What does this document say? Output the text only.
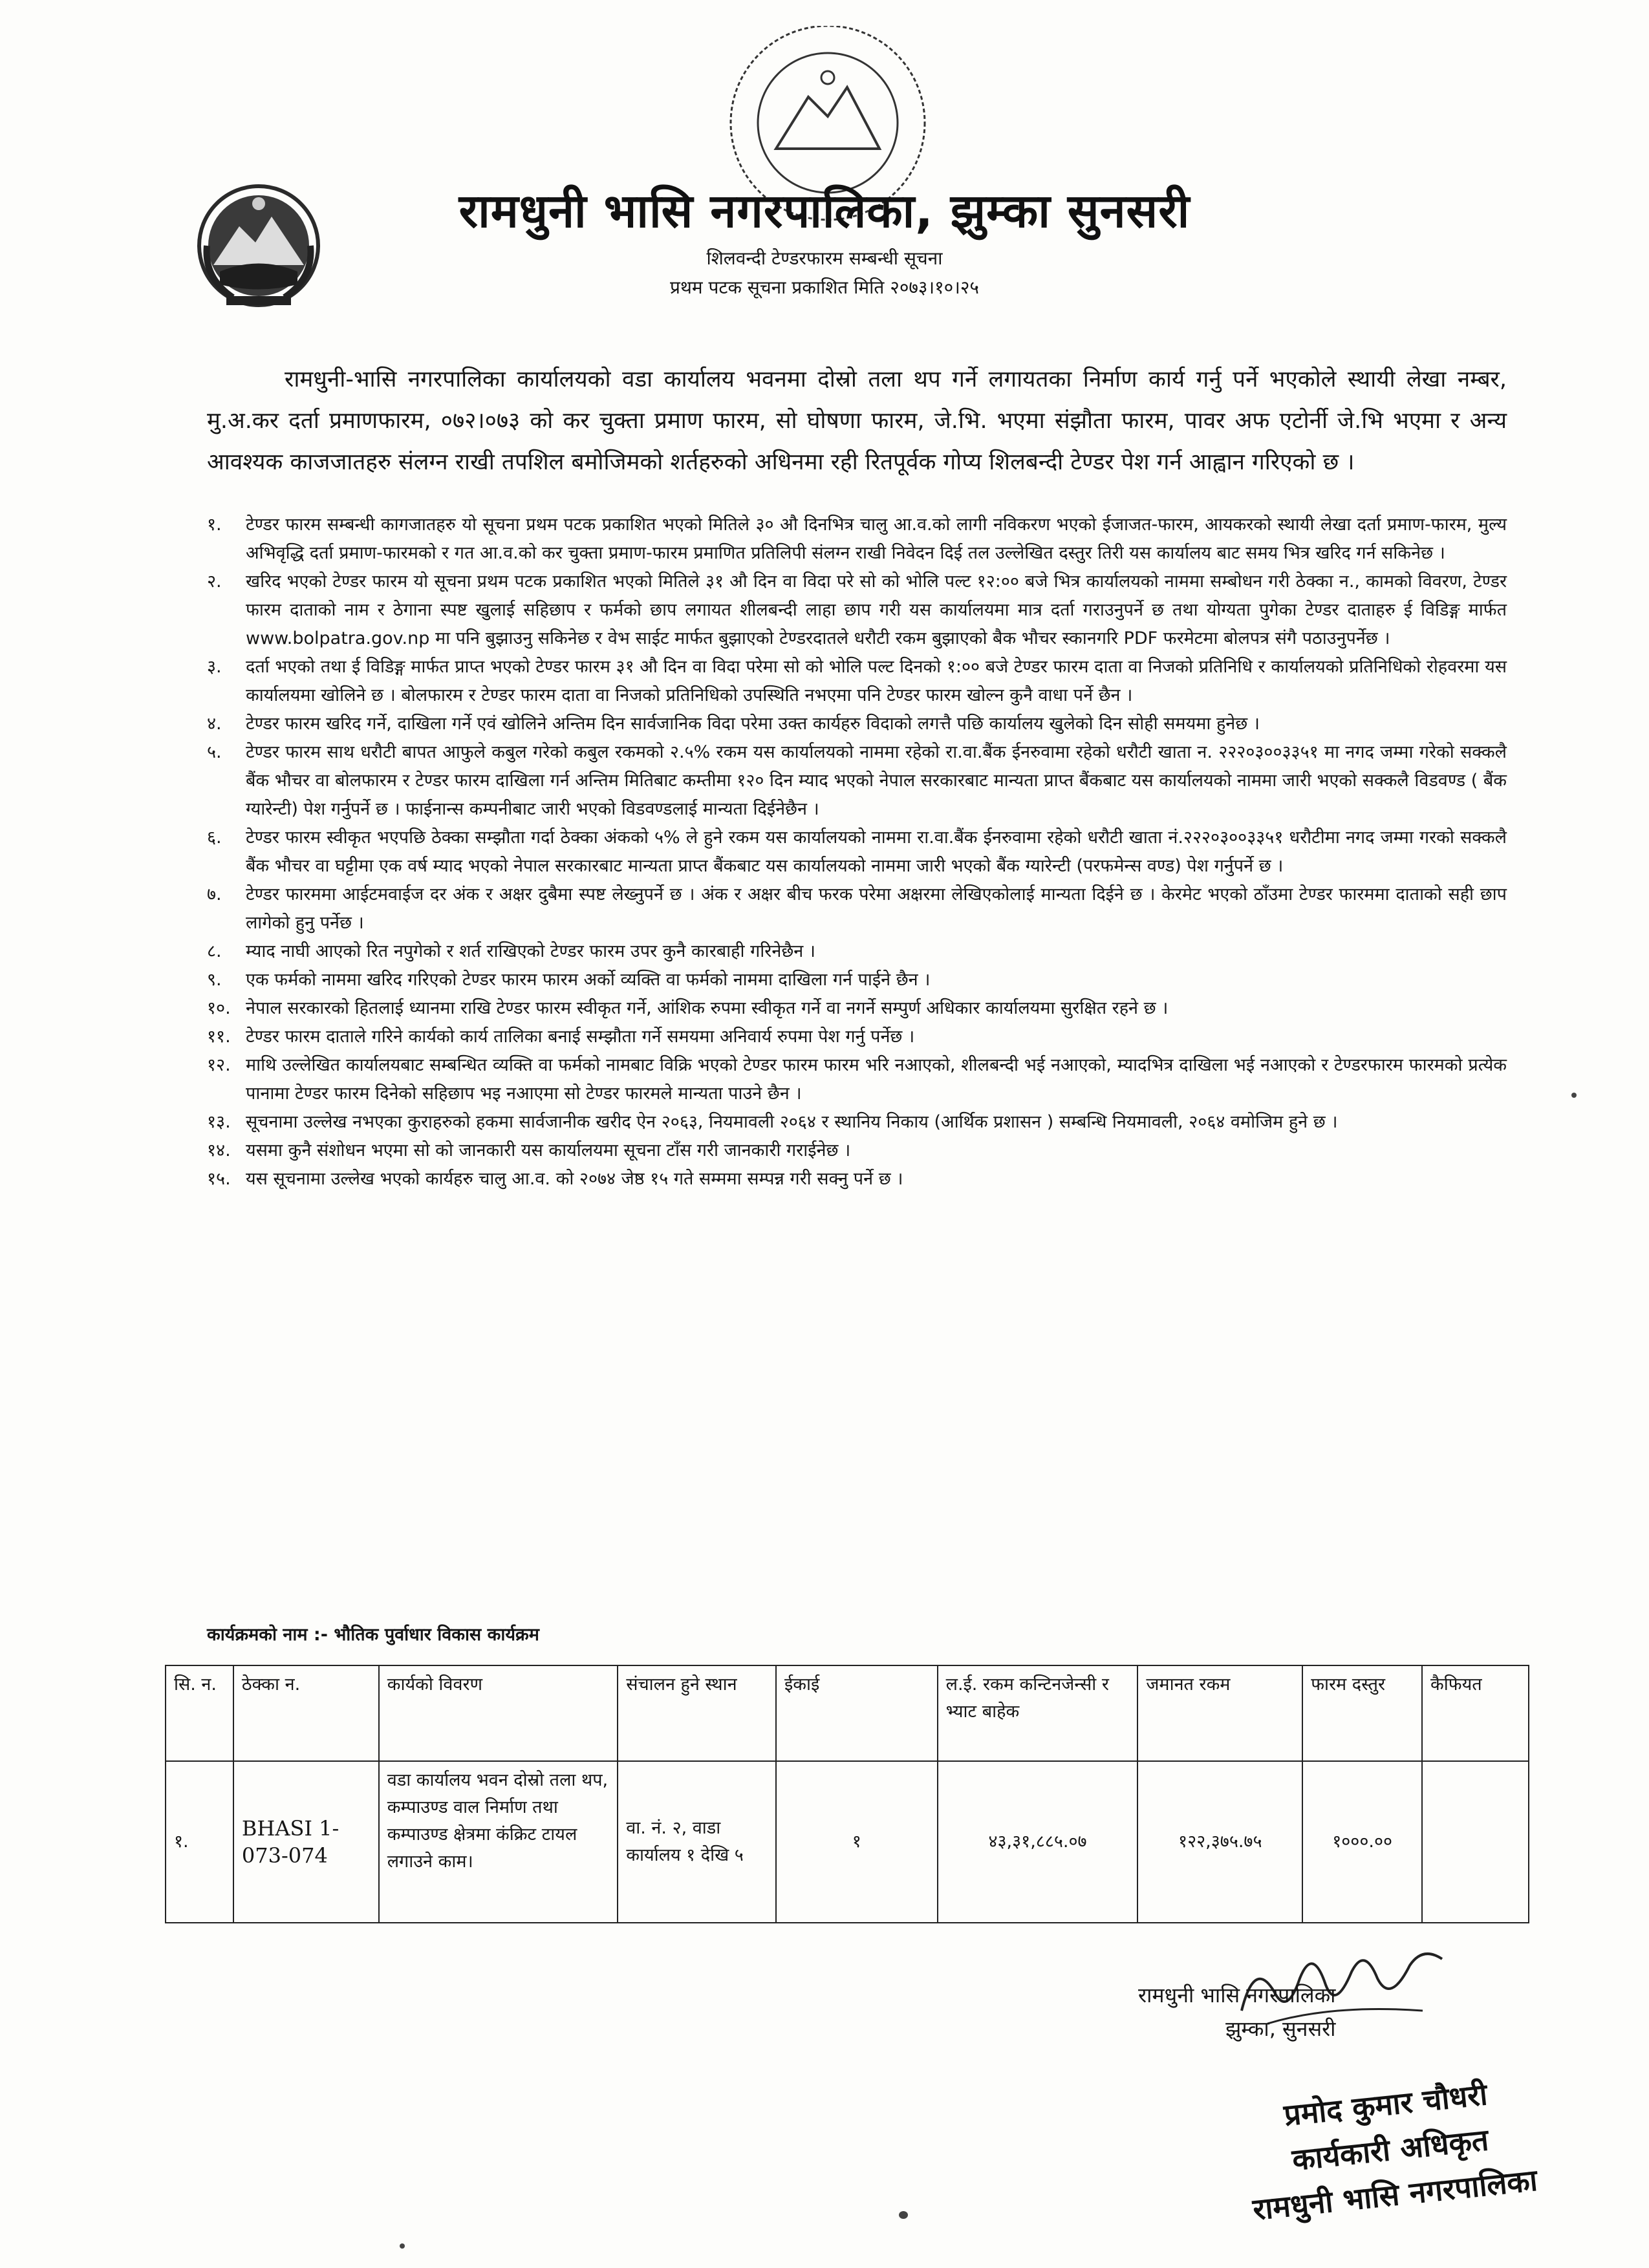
रामधुनी भासि नगरपालिका, झुम्का सुनसरी
शिलवन्दी टेण्डरफारम सम्बन्धी सूचना
प्रथम पटक सूचना प्रकाशित मिति २०७३।१०।२५

रामधुनी-भासि नगरपालिका कार्यालयको वडा कार्यालय भवनमा दोस्रो तला थप गर्ने लगायतका निर्माण कार्य गर्नु पर्ने भएकोले स्थायी लेखा नम्बर, मु.अ.कर दर्ता प्रमाणफारम, ०७२।०७३ को कर चुक्ता प्रमाण फारम, सो घोषणा फारम, जे.भि. भएमा संझौता फारम, पावर अफ एटोर्नी जे.भि भएमा र अन्य आवश्यक काजजातहरु संलग्न राखी तपशिल बमोजिमको शर्तहरुको अधिनमा रही रितपूर्वक गोप्य शिलबन्दी टेण्डर पेश गर्न आह्वान गरिएको छ ।

१.	टेण्डर फारम सम्बन्धी कागजातहरु यो सूचना प्रथम पटक प्रकाशित भएको मितिले ३० औ दिनभित्र चालु आ.व.को लागी नविकरण भएको ईजाजत-फारम, आयकरको स्थायी लेखा दर्ता प्रमाण-फारम, मुल्य अभिवृद्धि दर्ता प्रमाण-फारमको र गत आ.व.को कर चुक्ता प्रमाण-फारम प्रमाणित प्रतिलिपी संलग्न राखी निवेदन दिई तल उल्लेखित दस्तुर तिरी यस कार्यालय बाट समय भित्र खरिद गर्न सकिनेछ ।
२.	खरिद भएको टेण्डर फारम यो सूचना प्रथम पटक प्रकाशित भएको मितिले ३१ औ दिन वा विदा परे सो को भोलि पल्ट १२:०० बजे भित्र कार्यालयको नाममा सम्बोधन गरी ठेक्का न., कामको विवरण, टेण्डर फारम दाताको नाम र ठेगाना स्पष्ट खुलाई सहिछाप र फर्मको छाप लगायत शीलबन्दी लाहा छाप गरी यस कार्यालयमा मात्र दर्ता गराउनुपर्ने छ तथा योग्यता पुगेका टेण्डर दाताहरु ई विडिङ्ग मार्फत www.bolpatra.gov.np मा पनि बुझाउनु सकिनेछ र वेभ साईट मार्फत बुझाएको टेण्डरदातले धरौटी रकम बुझाएको बैक भौचर स्कानगरि PDF फरमेटमा बोलपत्र संगै पठाउनुपर्नेछ ।
३.	दर्ता भएको तथा ई विडिङ्ग मार्फत प्राप्त भएको टेण्डर फारम ३१ औ दिन वा विदा परेमा सो को भोलि पल्ट दिनको १:०० बजे टेण्डर फारम दाता वा निजको प्रतिनिधि र कार्यालयको प्रतिनिधिको रोहवरमा यस कार्यालयमा खोलिने छ । बोलफारम र टेण्डर फारम दाता वा निजको प्रतिनिधिको उपस्थिति नभएमा पनि टेण्डर फारम खोल्न कुनै वाधा पर्ने छैन ।
४.	टेण्डर फारम खरिद गर्ने, दाखिला गर्ने एवं खोलिने अन्तिम दिन सार्वजानिक विदा परेमा उक्त कार्यहरु विदाको लगत्तै पछि कार्यालय खुलेको दिन सोही समयमा हुनेछ ।
५.	टेण्डर फारम साथ धरौटी बापत आफुले कबुल गरेको कबुल रकमको २.५% रकम यस कार्यालयको नाममा रहेको रा.वा.बैंक ईनरुवामा रहेको धरौटी खाता न. २२२०३००३३५१ मा नगद जम्मा गरेको सक्कलै बैंक भौचर वा बोलफारम र टेण्डर फारम दाखिला गर्न अन्तिम मितिबाट कम्तीमा १२० दिन म्याद भएको नेपाल सरकारबाट मान्यता प्राप्त बैंकबाट यस कार्यालयको नाममा जारी भएको सक्कलै विडवण्ड ( बैंक ग्यारेन्टी) पेश गर्नुपर्ने छ । फाईनान्स कम्पनीबाट जारी भएको विडवण्डलाई मान्यता दिईनेछैन ।
६.	टेण्डर फारम स्वीकृत भएपछि ठेक्का सम्झौता गर्दा ठेक्का अंकको ५% ले हुने रकम यस कार्यालयको नाममा रा.वा.बैंक ईनरुवामा रहेको धरौटी खाता नं.२२२०३००३३५१ धरौटीमा नगद जम्मा गरको सक्कलै बैंक भौचर वा घट्टीमा एक वर्ष म्याद भएको नेपाल सरकारबाट मान्यता प्राप्त बैंकबाट यस कार्यालयको नाममा जारी भएको बैंक ग्यारेन्टी (परफमेन्स वण्ड) पेश गर्नुपर्ने छ ।
७.	टेण्डर फारममा आईटमवाईज दर अंक र अक्षर दुबैमा स्पष्ट लेख्नुपर्ने छ । अंक र अक्षर बीच फरक परेमा अक्षरमा लेखिएकोलाई मान्यता दिईने छ । केरमेट भएको ठाँउमा टेण्डर फारममा दाताको सही छाप लागेको हुनु पर्नेछ ।
८.	म्याद नाघी आएको रित नपुगेको र शर्त राखिएको टेण्डर फारम उपर कुनै कारबाही गरिनेछैन ।
९.	एक फर्मको नाममा खरिद गरिएको टेण्डर फारम फारम अर्को व्यक्ति वा फर्मको नाममा दाखिला गर्न पाईने छैन ।
१०. नेपाल सरकारको हितलाई ध्यानमा राखि टेण्डर फारम स्वीकृत गर्ने, आंशिक रुपमा स्वीकृत गर्ने वा नगर्ने सम्पुर्ण अधिकार कार्यालयमा सुरक्षित रहने छ ।
११. टेण्डर फारम दाताले गरिने कार्यको कार्य तालिका बनाई सम्झौता गर्ने समयमा अनिवार्य रुपमा पेश गर्नु पर्नेछ ।
१२. माथि उल्लेखित कार्यालयबाट सम्बन्धित व्यक्ति वा फर्मको नामबाट विक्रि भएको टेण्डर फारम फारम भरि नआएको, शीलबन्दी भई नआएको, म्यादभित्र दाखिला भई नआएको र टेण्डरफारम फारमको प्रत्येक पानामा टेण्डर फारम दिनेको सहिछाप भइ नआएमा सो टेण्डर फारमले मान्यता पाउने छैन ।
१३. सूचनामा उल्लेख नभएका कुराहरुको हकमा सार्वजानीक खरीद ऐन २०६३, नियमावली २०६४ र स्थानिय निकाय (आर्थिक प्रशासन ) सम्बन्धि नियमावली, २०६४ वमोजिम हुने छ ।
१४. यसमा कुनै संशोधन भएमा सो को जानकारी यस कार्यालयमा सूचना टाँस गरी जानकारी गराईनेछ ।
१५. यस सूचनामा उल्लेख भएको कार्यहरु चालु आ.व. को २०७४ जेष्ठ १५ गते सम्ममा सम्पन्न गरी सक्नु पर्ने छ ।
कार्यक्रमको नाम :- भौतिक पुर्वाधार विकास कार्यक्रम
सि. न.	ठेक्का न.	कार्यको विवरण	संचालन हुने स्थान	ईकाई	ल.ई. रकम कन्टिनजेन्सी र भ्याट बाहेक	जमानत रकम	फारम दस्तुर	कैफियत
१.	BHASI 1-073-074	वडा कार्यालय भवन दोस्रो तला थप, कम्पाउण्ड वाल निर्माण तथा कम्पाउण्ड क्षेत्रमा कंक्रिट टायल लगाउने काम।	वा. नं. २, वाडा कार्यालय १ देखि ५	१	४३,३१,८८५.०७	१२२,३७५.७५	१०००.००	
रामधुनी भासि नगरपालिका
झुम्का, सुनसरी
प्रमोद कुमार चौधरी
कार्यकारी अधिकृत
रामधुनी भासि नगरपालिका
